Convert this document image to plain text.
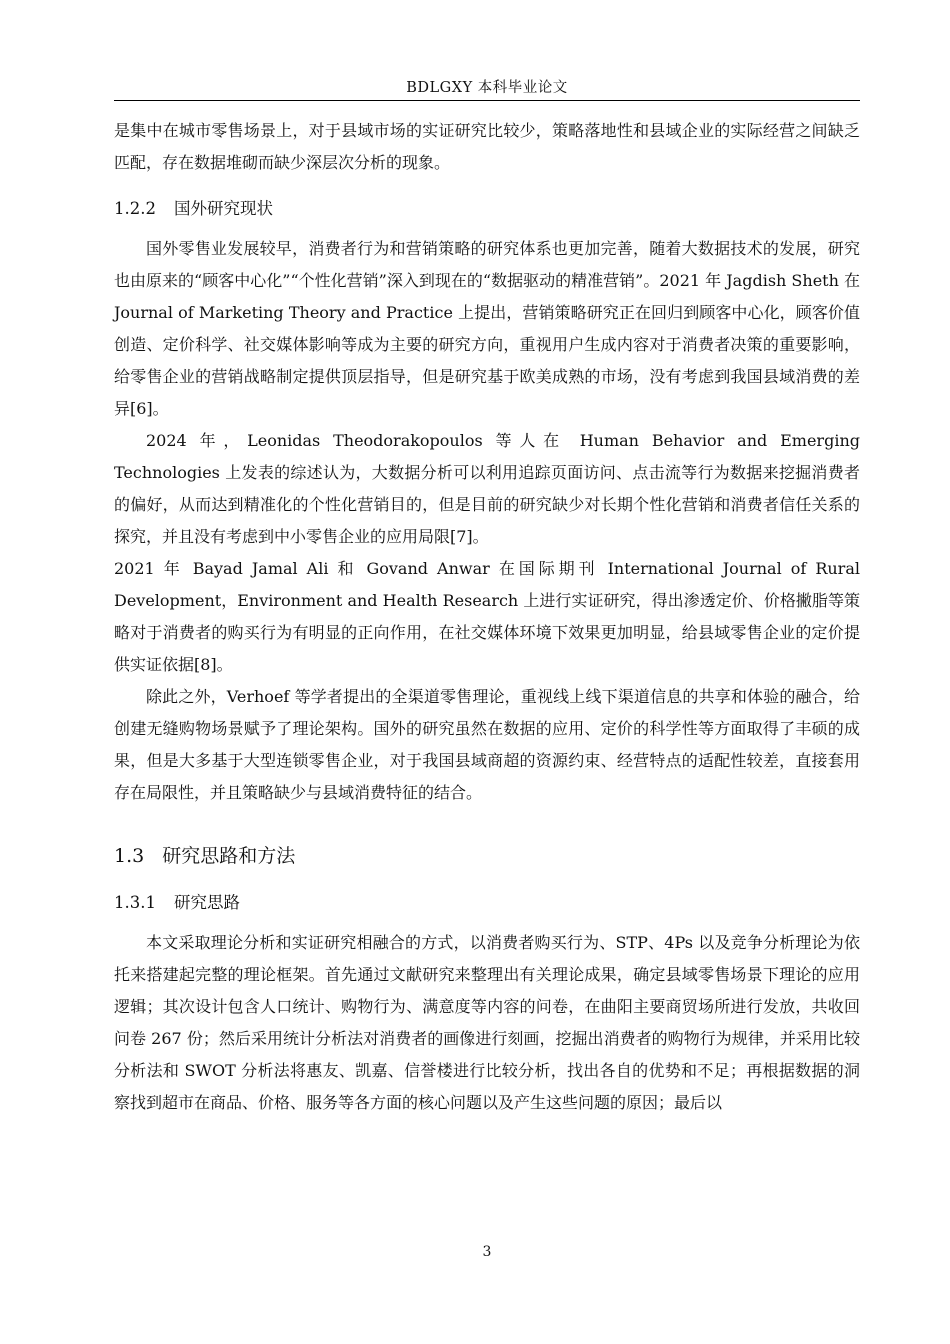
BDLGXY 本科毕业论文

是集中在城市零售场景上，对于县域市场的实证研究比较少，策略落地性和县域企业的实际经营之间缺乏匹配，存在数据堆砌而缺少深层次分析的现象。

1.2.2 国外研究现状

国外零售业发展较早，消费者行为和营销策略的研究体系也更加完善，随着大数据技术的发展，研究也由原来的“顾客中心化”“个性化营销”深入到现在的“数据驱动的精准营销”。2021 年 Jagdish Sheth 在 Journal of Marketing Theory and Practice 上提出，营销策略研究正在回归到顾客中心化，顾客价值创造、定价科学、社交媒体影响等成为主要的研究方向，重视用户生成内容对于消费者决策的重要影响，给零售企业的营销战略制定提供顶层指导，但是研究基于欧美成熟的市场，没有考虑到我国县域消费的差异[6]。

2024 年，Leonidas Theodorakopoulos 等人在 Human Behavior and Emerging Technologies 上发表的综述认为，大数据分析可以利用追踪页面访问、点击流等行为数据来挖掘消费者的偏好，从而达到精准化的个性化营销目的，但是目前的研究缺少对长期个性化营销和消费者信任关系的探究，并且没有考虑到中小零售企业的应用局限[7]。

2021 年 Bayad Jamal Ali 和 Govand Anwar 在国际期刊 International Journal of Rural Development，Environment and Health Research 上进行实证研究，得出渗透定价、价格撇脂等策略对于消费者的购买行为有明显的正向作用，在社交媒体环境下效果更加明显，给县域零售企业的定价提供实证依据[8]。

除此之外，Verhoef 等学者提出的全渠道零售理论，重视线上线下渠道信息的共享和体验的融合，给创建无缝购物场景赋予了理论架构。国外的研究虽然在数据的应用、定价的科学性等方面取得了丰硕的成果，但是大多基于大型连锁零售企业，对于我国县域商超的资源约束、经营特点的适配性较差，直接套用存在局限性，并且策略缺少与县域消费特征的结合。

1.3 研究思路和方法
1.3.1 研究思路

本文采取理论分析和实证研究相融合的方式，以消费者购买行为、STP、4Ps 以及竞争分析理论为依托来搭建起完整的理论框架。首先通过文献研究来整理出有关理论成果，确定县域零售场景下理论的应用逻辑；其次设计包含人口统计、购物行为、满意度等内容的问卷，在曲阳主要商贸场所进行发放，共收回问卷 267 份；然后采用统计分析法对消费者的画像进行刻画，挖掘出消费者的购物行为规律，并采用比较分析法和 SWOT 分析法将惠友、凯嘉、信誉楼进行比较分析，找出各自的优势和不足；再根据数据的洞察找到超市在商品、价格、服务等各方面的核心问题以及产生这些问题的原因；最后以

3
